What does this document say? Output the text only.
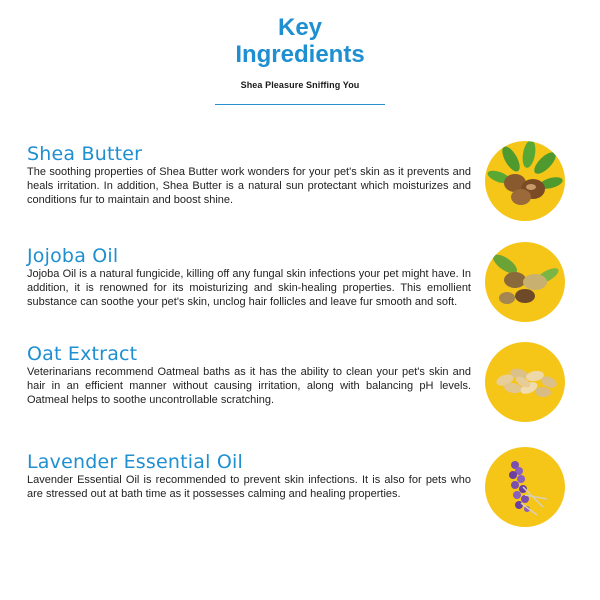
Key
Ingredients
Shea Pleasure Sniffing You
Shea Butter

The soothing properties of Shea Butter work wonders for your pet's skin as it prevents and heals irritation. In addition, Shea Butter is a natural sun protectant which moisturizes and conditions fur to maintain and boost shine.

Jojoba Oil

Jojoba Oil is a natural fungicide, killing off any fungal skin infections your pet might have. In addition, it is renowned for its moisturizing and skin-healing properties. This emollient substance can soothe your pet's skin, unclog hair follicles and leave fur smooth and soft.

Oat Extract

Veterinarians recommend Oatmeal baths as it has the ability to clean your pet's skin and hair in an efficient manner without causing irritation, along with balancing pH levels. Oatmeal helps to soothe uncontrollable scratching.

Lavender Essential Oil

Lavender Essential Oil is recommended to prevent skin infections. It is also for pets who are stressed out at bath time as it possesses calming and healing properties.
